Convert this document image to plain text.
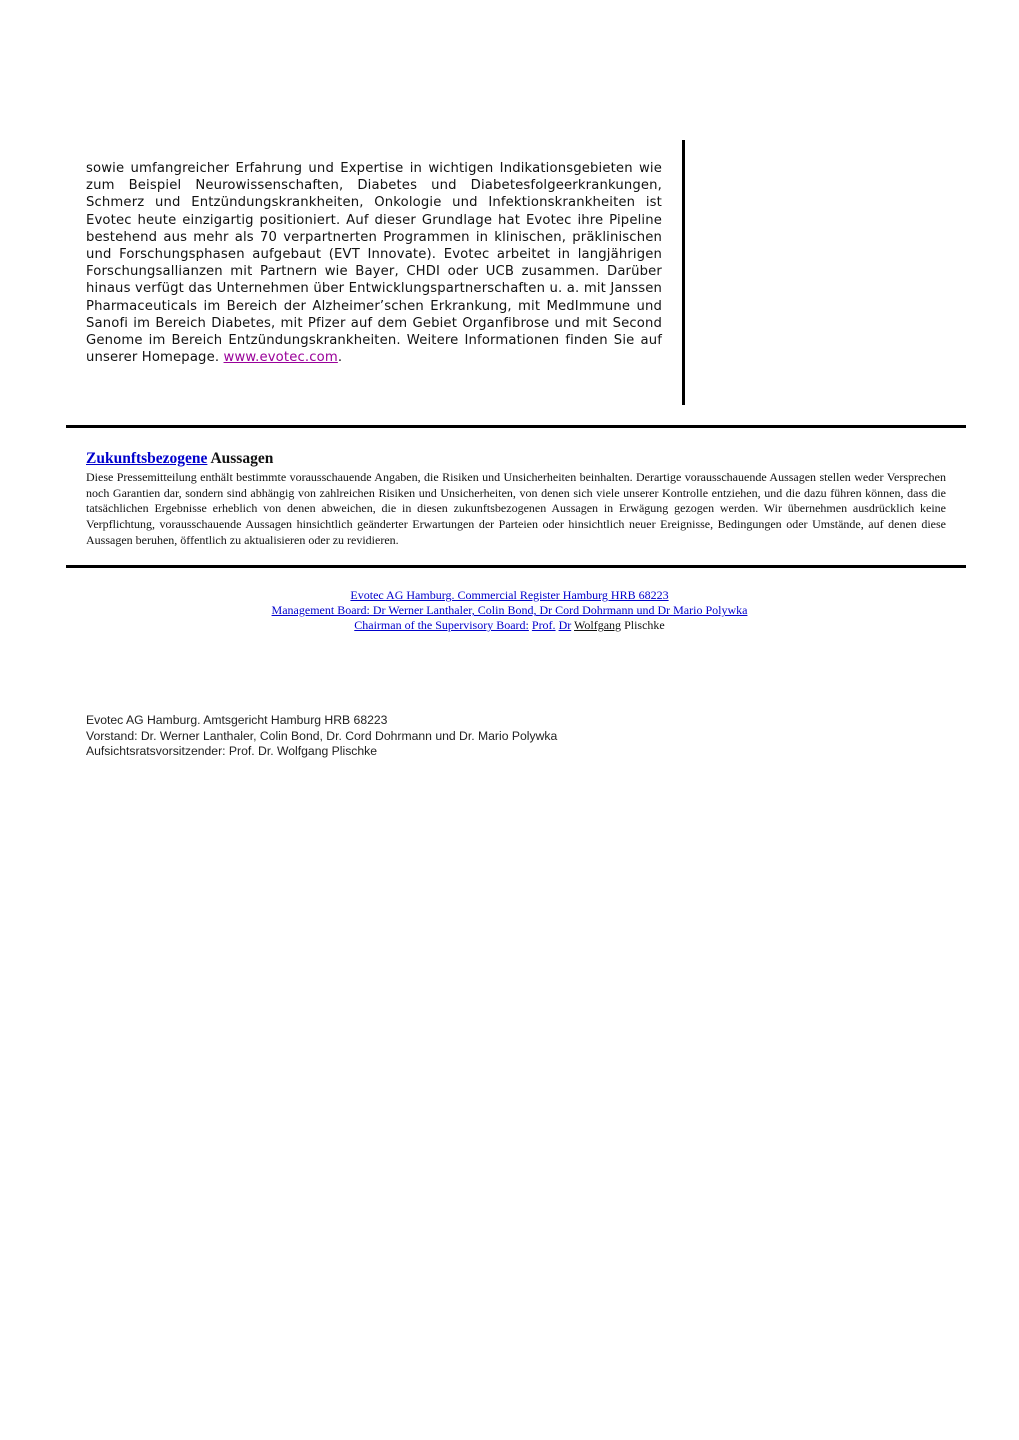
sowie umfangreicher Erfahrung und Expertise in wichtigen Indikationsgebieten wie zum Beispiel Neurowissenschaften, Diabetes und Diabetesfolgeerkrankungen, Schmerz und Entzündungskrankheiten, Onkologie und Infektionskrankheiten ist Evotec heute einzigartig positioniert. Auf dieser Grundlage hat Evotec ihre Pipeline bestehend aus mehr als 70 verpartnerten Programmen in klinischen, präklinischen und Forschungsphasen aufgebaut (EVT Innovate). Evotec arbeitet in langjährigen Forschungsallianzen mit Partnern wie Bayer, CHDI oder UCB zusammen. Darüber hinaus verfügt das Unternehmen über Entwicklungspartnerschaften u. a. mit Janssen Pharmaceuticals im Bereich der Alzheimer’schen Erkrankung, mit MedImmune und Sanofi im Bereich Diabetes, mit Pfizer auf dem Gebiet Organfibrose und mit Second Genome im Bereich Entzündungskrankheiten. Weitere Informationen finden Sie auf unserer Homepage. www.evotec.com.

Zukunftsbezogene Aussagen

Diese Pressemitteilung enthält bestimmte vorausschauende Angaben, die Risiken und Unsicherheiten beinhalten. Derartige vorausschauende Aussagen stellen weder Versprechen noch Garantien dar, sondern sind abhängig von zahlreichen Risiken und Unsicherheiten, von denen sich viele unserer Kontrolle entziehen, und die dazu führen können, dass die tatsächlichen Ergebnisse erheblich von denen abweichen, die in diesen zukunftsbezogenen Aussagen in Erwägung gezogen werden. Wir übernehmen ausdrücklich keine Verpflichtung, vorausschauende Aussagen hinsichtlich geänderter Erwartungen der Parteien oder hinsichtlich neuer Ereignisse, Bedingungen oder Umstände, auf denen diese Aussagen beruhen, öffentlich zu aktualisieren oder zu revidieren.

Evotec AG Hamburg. Commercial Register Hamburg HRB 68223
Management Board: Dr Werner Lanthaler, Colin Bond, Dr Cord Dohrmann und Dr Mario Polywka
Chairman of the Supervisory Board: Prof. Dr Wolfgang Plischke
Evotec AG Hamburg. Amtsgericht Hamburg HRB 68223
Vorstand: Dr. Werner Lanthaler, Colin Bond, Dr. Cord Dohrmann und Dr. Mario Polywka
Aufsichtsratsvorsitzender: Prof. Dr. Wolfgang Plischke
